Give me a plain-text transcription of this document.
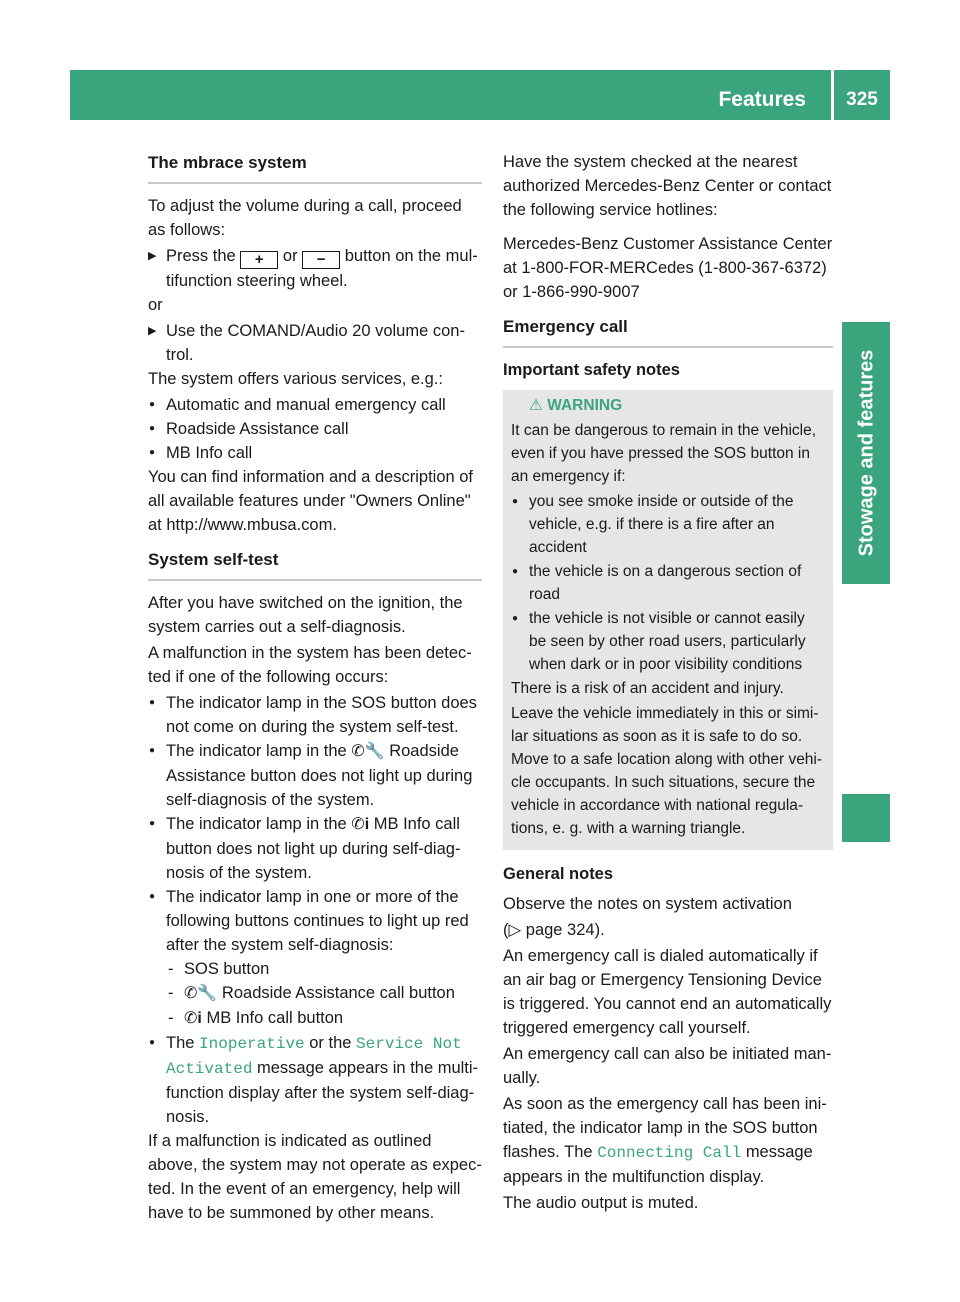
Features	325
Stowage and features
The mbrace system

To adjust the volume during a call, proceed as follows:

▶ Press the + or − button on the multifunction steering wheel.

or

▶ Use the COMAND/Audio 20 volume control.

The system offers various services, e.g.:

● Automatic and manual emergency call
● Roadside Assistance call
● MB Info call

You can find information and a description of all available features under "Owners Online" at http://www.mbusa.com.

System self-test

After you have switched on the ignition, the system carries out a self-diagnosis.

A malfunction in the system has been detected if one of the following occurs:

● The indicator lamp in the SOS button does not come on during the system self-test.
● The indicator lamp in the ✆🔧 Roadside Assistance button does not light up during self-diagnosis of the system.
● The indicator lamp in the ✆i MB Info call button does not light up during self-diagnosis of the system.
● The indicator lamp in one or more of the following buttons continues to light up red after the system self-diagnosis:
- SOS button
- ✆🔧 Roadside Assistance call button
- ✆i MB Info call button
● The Inoperative or the Service Not Activated message appears in the multifunction display after the system self-diagnosis.

If a malfunction is indicated as outlined above, the system may not operate as expected. In the event of an emergency, help will have to be summoned by other means.

Have the system checked at the nearest authorized Mercedes-Benz Center or contact the following service hotlines:

Mercedes-Benz Customer Assistance Center at 1-800-FOR-MERCedes (1-800-367-6372) or 1-866-990-9007

Emergency call
Important safety notes
⚠ WARNING

It can be dangerous to remain in the vehicle, even if you have pressed the SOS button in an emergency if:

● you see smoke inside or outside of the vehicle, e.g. if there is a fire after an accident
● the vehicle is on a dangerous section of road
● the vehicle is not visible or cannot easily be seen by other road users, particularly when dark or in poor visibility conditions

There is a risk of an accident and injury.

Leave the vehicle immediately in this or similar situations as soon as it is safe to do so. Move to a safe location along with other vehicle occupants. In such situations, secure the vehicle in accordance with national regulations, e. g. with a warning triangle.

General notes

Observe the notes on system activation

(▷ page 324).

An emergency call is dialed automatically if an air bag or Emergency Tensioning Device is triggered. You cannot end an automatically triggered emergency call yourself.

An emergency call can also be initiated manually.

As soon as the emergency call has been initiated, the indicator lamp in the SOS button flashes. The Connecting Call message appears in the multifunction display.

The audio output is muted.
